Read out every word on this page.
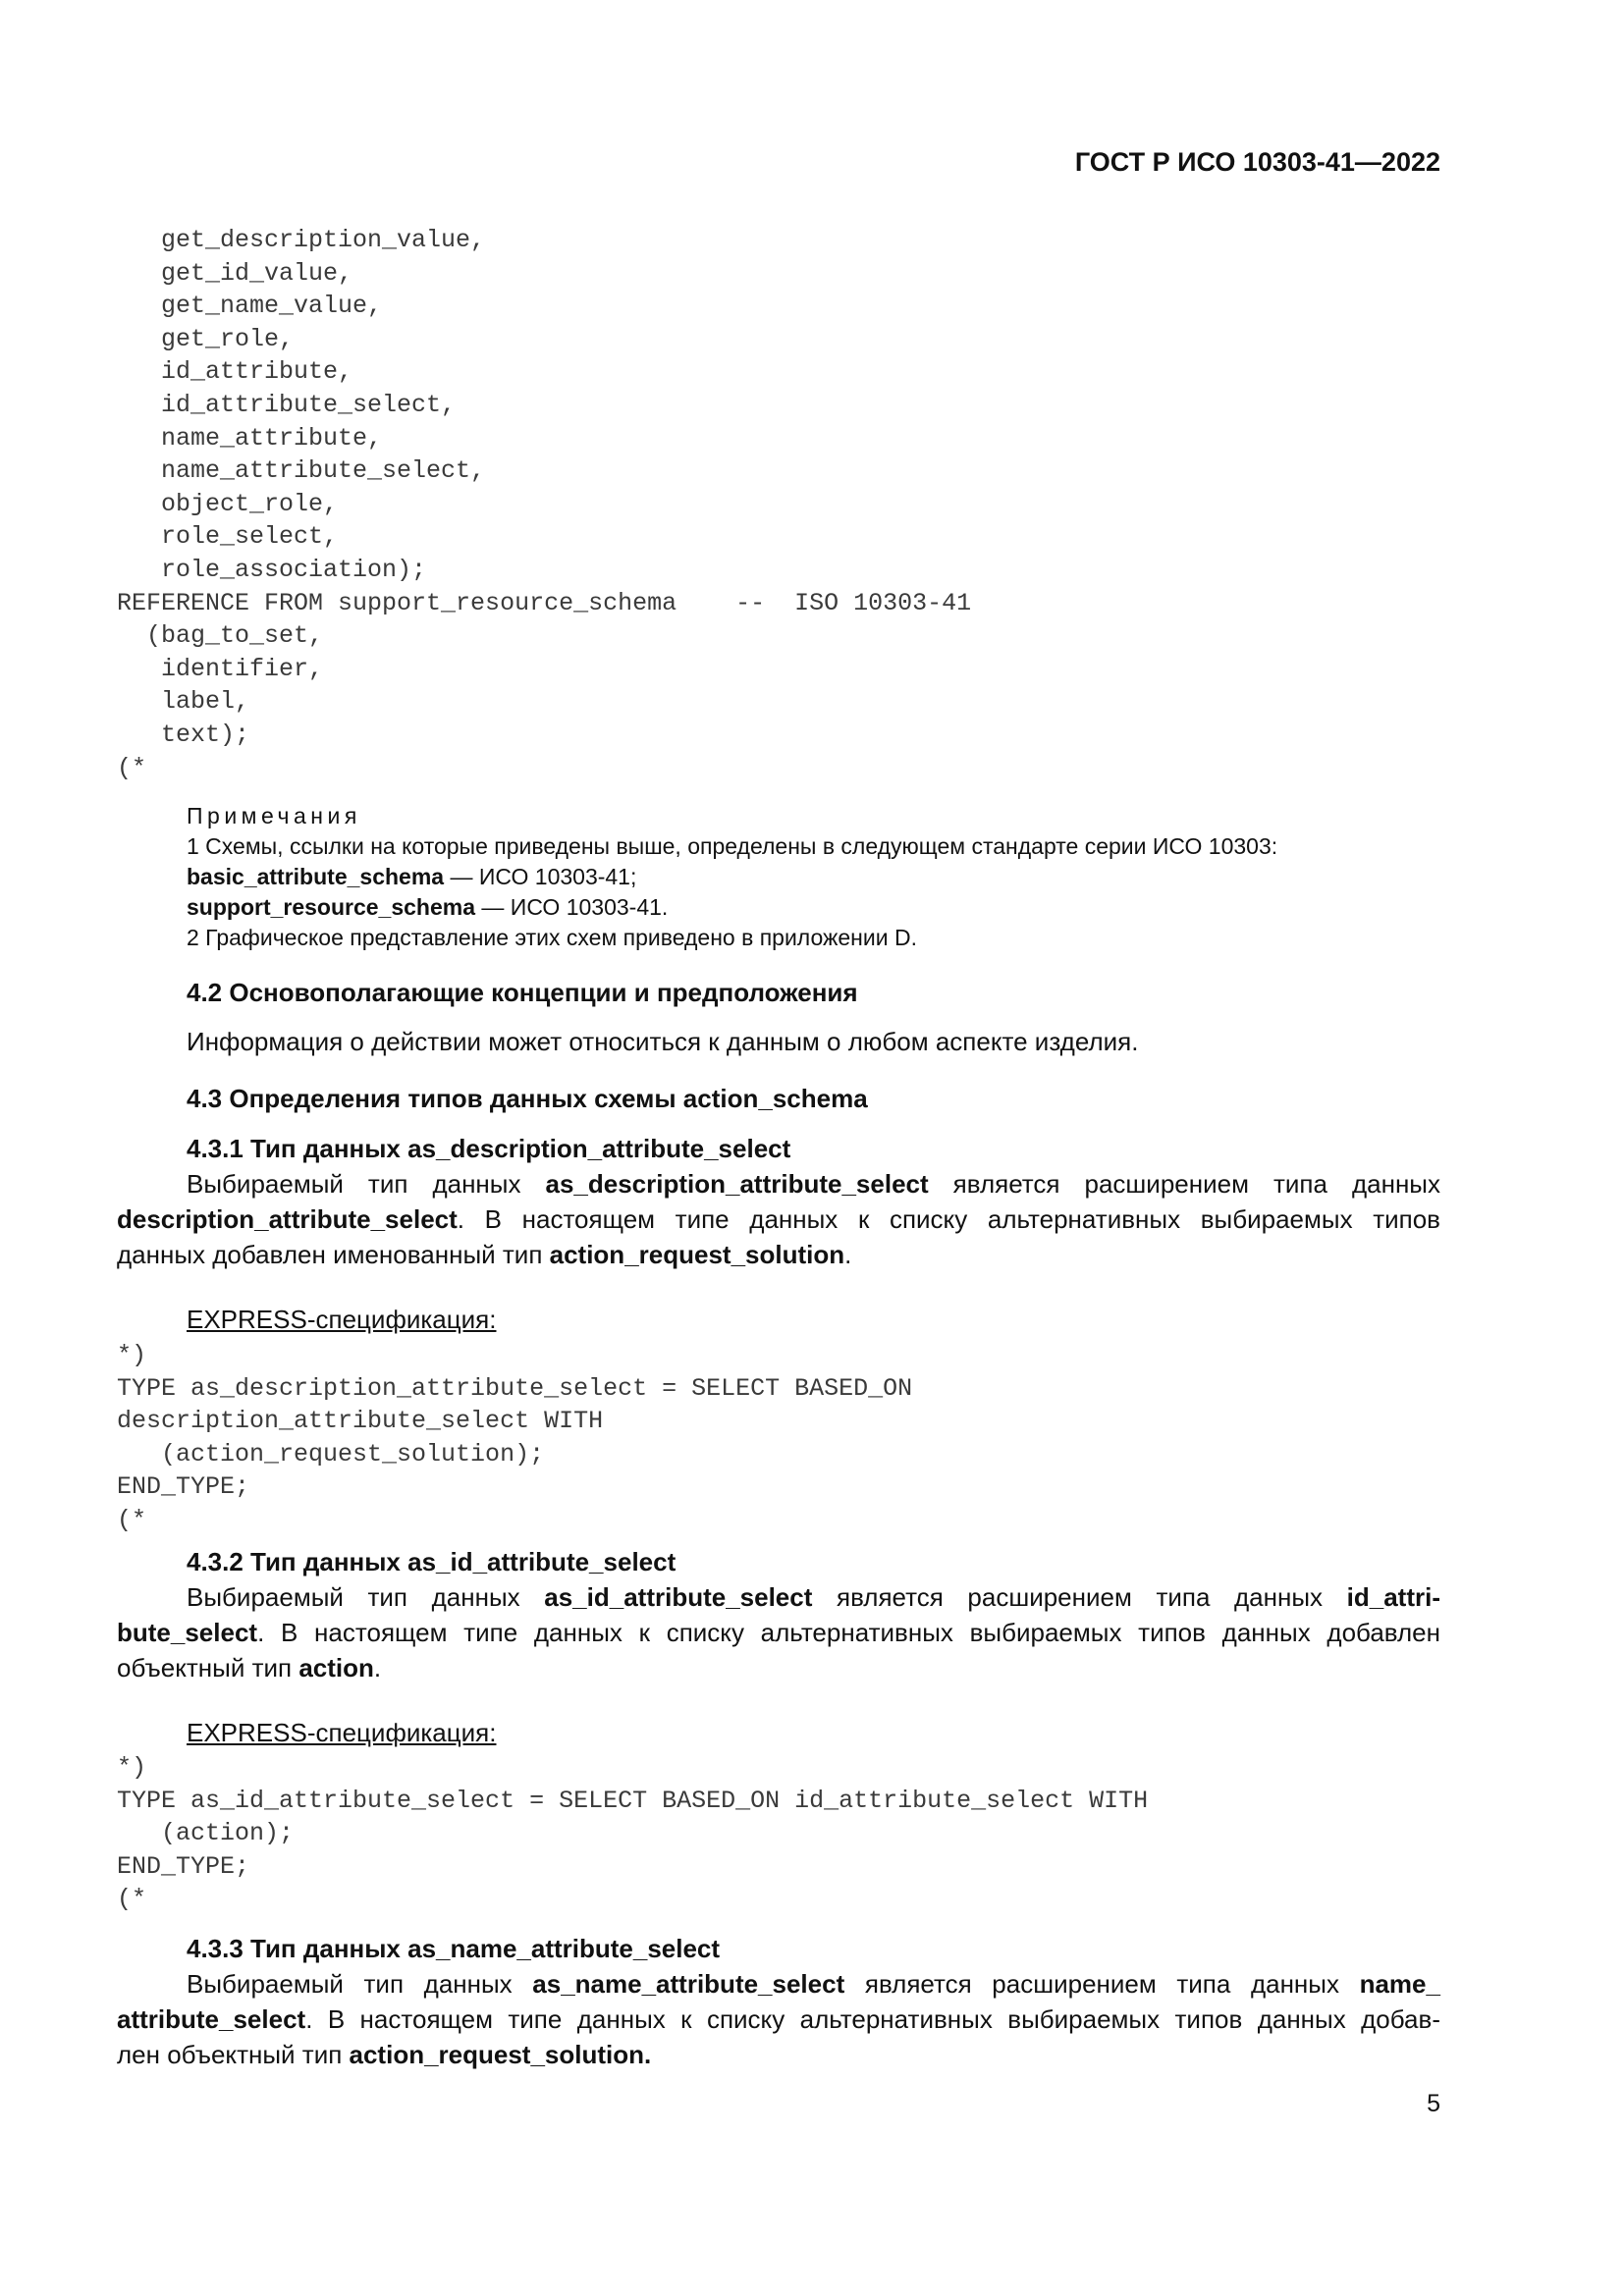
ГОСТ Р ИСО 10303-41—2022
get_description_value,
get_id_value,
get_name_value,
get_role,
id_attribute,
id_attribute_select,
name_attribute,
name_attribute_select,
object_role,
role_select,
role_association);
REFERENCE FROM support_resource_schema    --  ISO 10303-41
(bag_to_set,
identifier,
label,
text);
(*
Примечания
1 Схемы, ссылки на которые приведены выше, определены в следующем стандарте серии ИСО 10303:
basic_attribute_schema — ИСО 10303-41;
support_resource_schema — ИСО 10303-41.
2 Графическое представление этих схем приведено в приложении D.
4.2 Основополагающие концепции и предположения
Информация о действии может относиться к данным о любом аспекте изделия.
4.3 Определения типов данных схемы action_schema
4.3.1 Тип данных as_description_attribute_select
Выбираемый тип данных as_description_attribute_select является расширением типа данных
description_attribute_select. В настоящем типе данных к списку альтернативных выбираемых типов
данных добавлен именованный тип action_request_solution.
EXPRESS-спецификация:
*)
TYPE as_description_attribute_select = SELECT BASED_ON
description_attribute_select WITH
(action_request_solution);
END_TYPE;
(*
4.3.2 Тип данных as_id_attribute_select
Выбираемый тип данных as_id_attribute_select является расширением типа данных id_attri-
bute_select. В настоящем типе данных к списку альтернативных выбираемых типов данных добавлен
объектный тип action.
EXPRESS-спецификация:
*)
TYPE as_id_attribute_select = SELECT BASED_ON id_attribute_select WITH
(action);
END_TYPE;
(*
4.3.3 Тип данных as_name_attribute_select
Выбираемый тип данных as_name_attribute_select является расширением типа данных name_
attribute_select. В настоящем типе данных к списку альтернативных выбираемых типов данных добав-
лен объектный тип action_request_solution.
5
